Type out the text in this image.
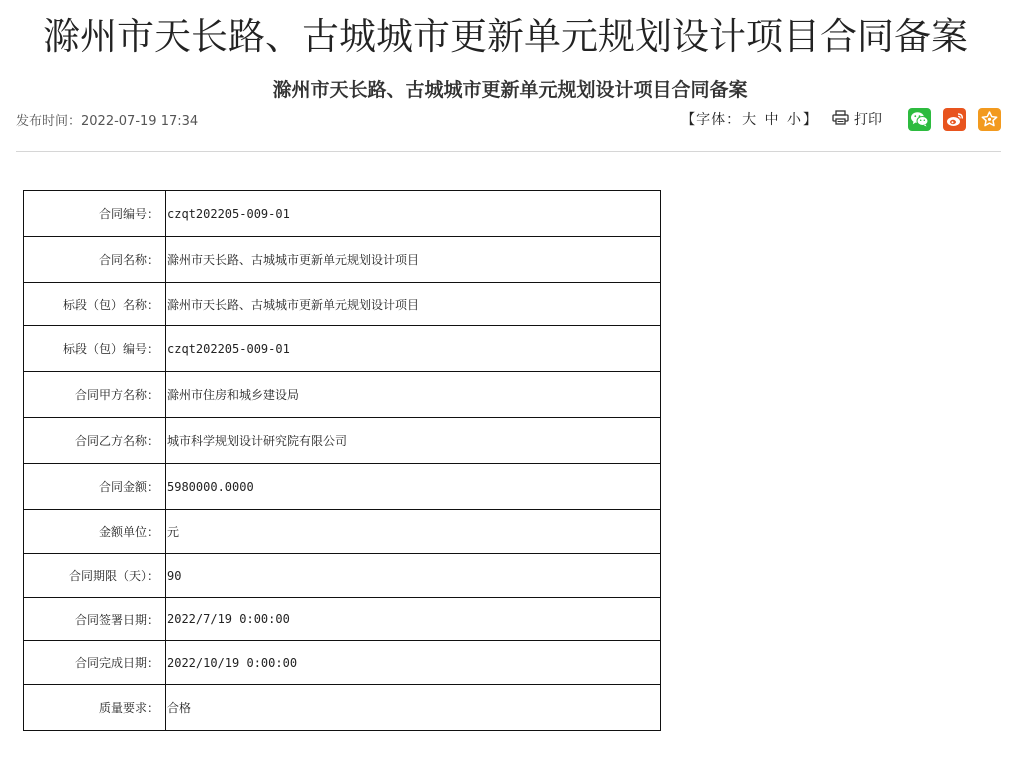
滁州市天长路、古城城市更新单元规划设计项目合同备案
滁州市天长路、古城城市更新单元规划设计项目合同备案
发布时间：2022-07-19 17:34	【字体：大 中 小】	打印
合同编号：	czqt202205-009-01
合同名称：	滁州市天长路、古城城市更新单元规划设计项目
标段（包）名称：	滁州市天长路、古城城市更新单元规划设计项目
标段（包）编号：	czqt202205-009-01
合同甲方名称：	滁州市住房和城乡建设局
合同乙方名称：	城市科学规划设计研究院有限公司
合同金额：	5980000.0000
金额单位：	元
合同期限（天）：	90
合同签署日期：	2022/7/19 0:00:00
合同完成日期：	2022/10/19 0:00:00
质量要求：	合格
